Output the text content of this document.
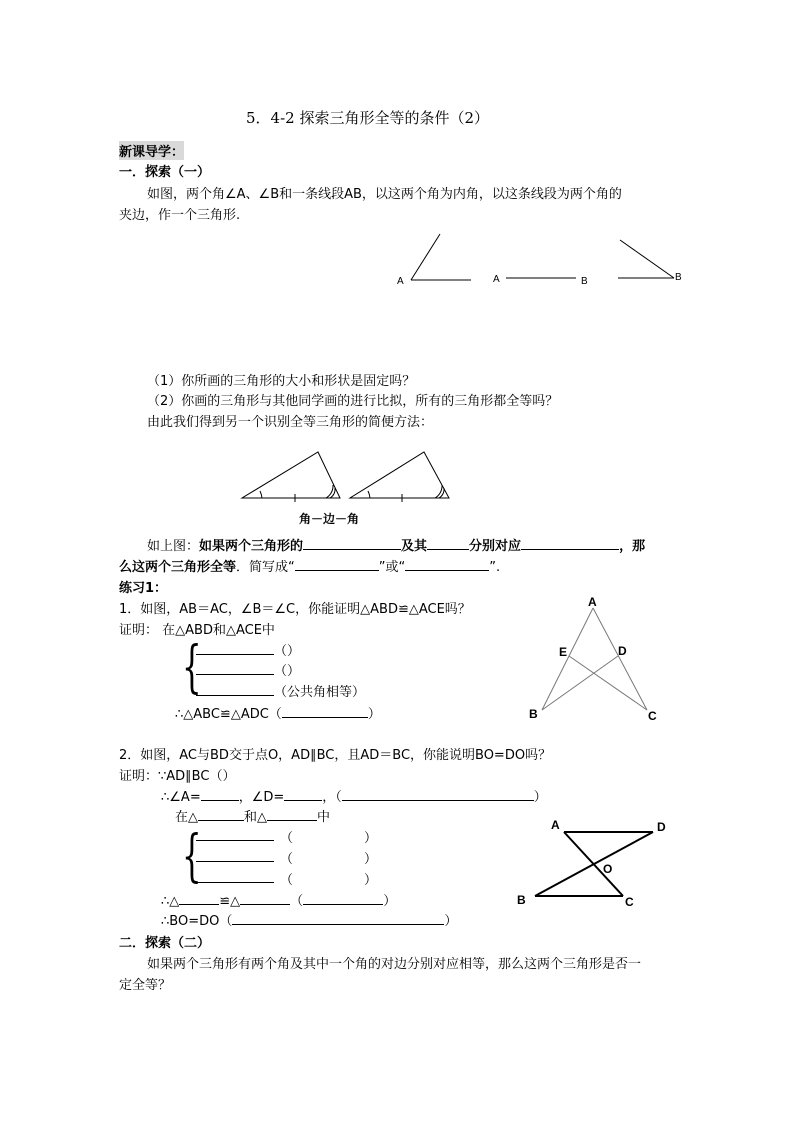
5．4-2 探索三角形全等的条件（2）
新课导学：
一．探索（一）
如图，两个角∠A、∠B和一条线段AB，以这两个角为内角，以这条线段为两个角的
夹边，作一个三角形.
A	A	B	B
（1）你所画的三角形的大小和形状是固定吗？
（2）你画的三角形与其他同学画的进行比拟，所有的三角形都全等吗？
由此我们得到另一个识别全等三角形的简便方法：
角－边－角
如上图：如果两个三角形的	及其	分别对应	，那
么这两个三角形全等．简写成“	”或“	”.
练习1：
1．如图，AB＝AC，∠B＝∠C，你能证明△ABD≌△ACE吗？
证明： 在△ABD和△ACE中
{	（）
（）
（公共角相等）
∴△ABC≌△ADC（	）
A
E	D
B	C
2．如图，AC与BD交于点O，AD∥BC，且AD＝BC，你能说明BO=DO吗？
证明：∵AD∥BC（）
∴∠A=	，∠D=	，（	）
在△	和△	中
{	（	）
（	）
（	）
∴△	≌△	（	）
∴BO=DO（	）
A	D
O
B	C
二．探索（二）
如果两个三角形有两个角及其中一个角的对边分别对应相等，那么这两个三角形是否一
定全等？
